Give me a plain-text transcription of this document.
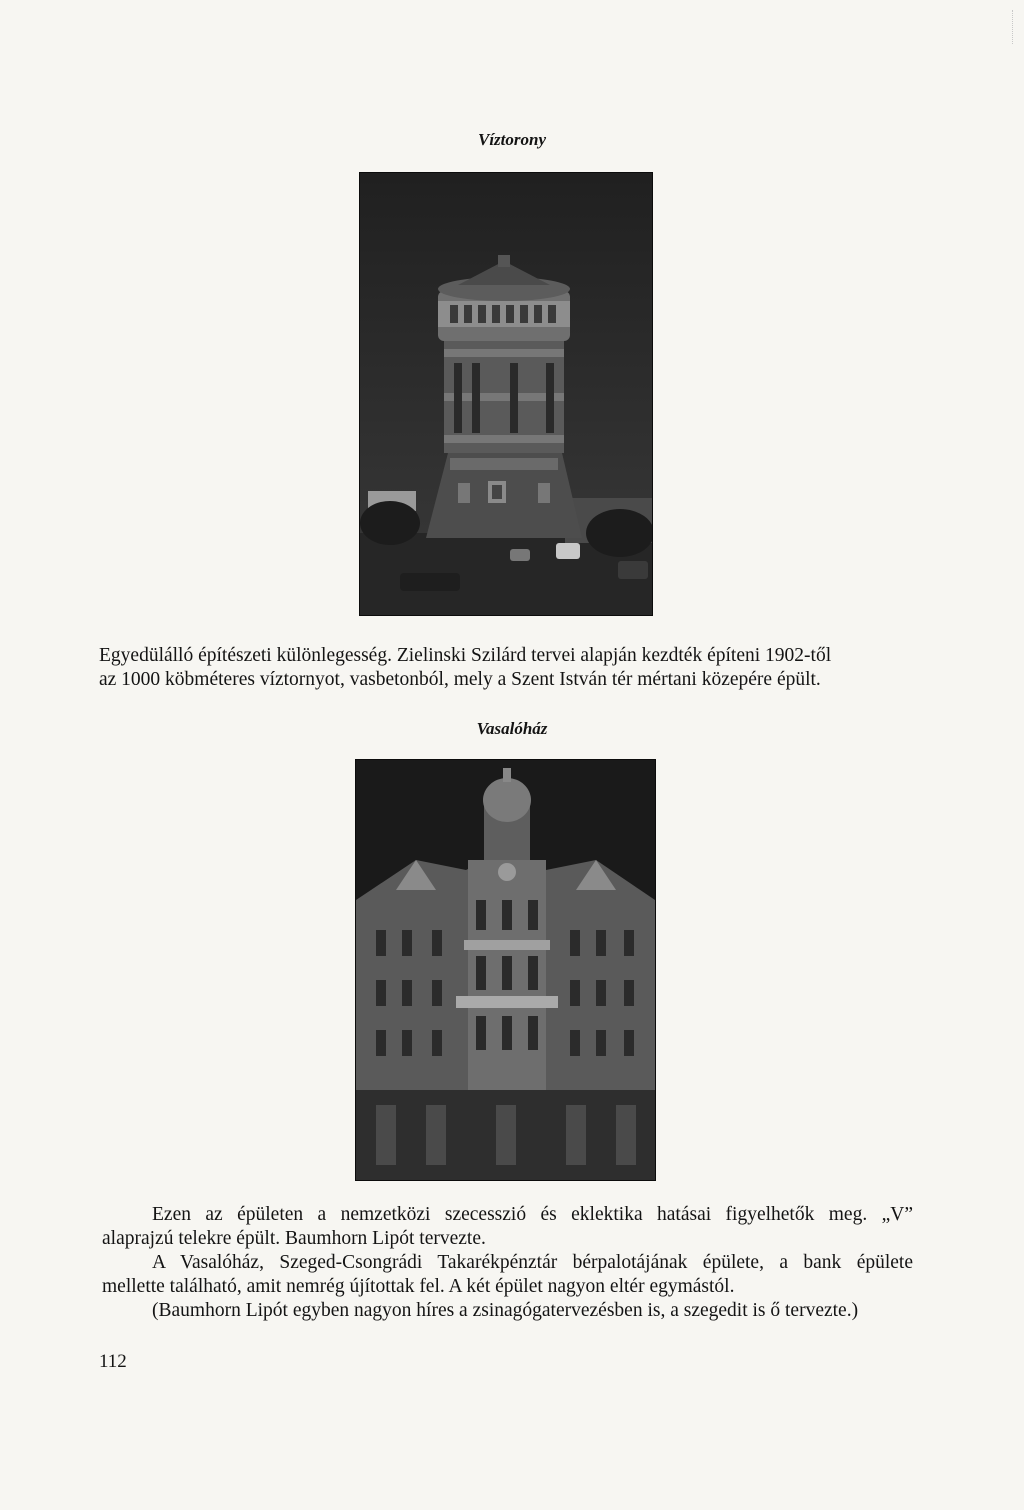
Víztorony
Egyedülálló építészeti különlegesség. Zielinski Szilárd tervei alapján kezdték építeni 1902-től
az 1000 köbméteres víztornyot, vasbetonból, mely a Szent István tér mértani közepére épült.
Vasalóház
Ezen az épületen a nemzetközi szecesszió és eklektika hatásai figyelhetők meg. „V”
alaprajzú telekre épült. Baumhorn Lipót tervezte.
A Vasalóház, Szeged-Csongrádi Takarékpénztár bérpalotájának épülete, a bank épülete
mellette található, amit nemrég újítottak fel. A két épület nagyon eltér egymástól.
(Baumhorn Lipót egyben nagyon híres a zsinagógatervezésben is, a szegedit is ő tervezte.)
112
